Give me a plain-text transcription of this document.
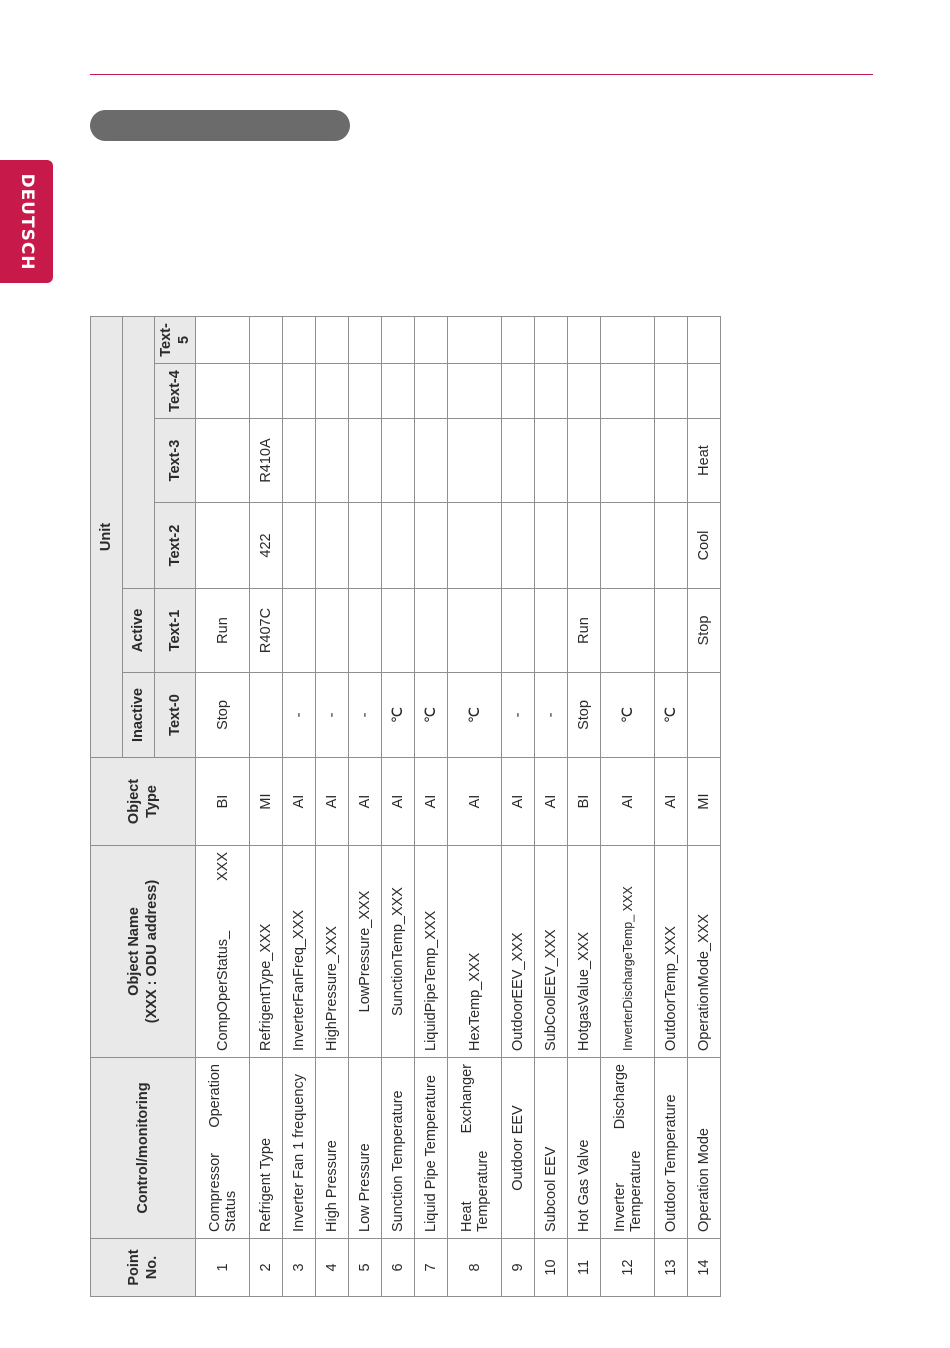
DEUTSCH
Point No.	Control/monitoring	Object Name (XXX : ODU address)	Object Type	Unit					
				Inactive	Active				
				Text-0	Text-1	Text-2	Text-3	Text-4	Text-5
1	Compressor Operation Status	CompOperStatus_ XXX	BI	Stop	Run				
2	Refrigent Type	RefrigentType_XXX	MI		R407C	422	R410A		
3	Inverter Fan 1 frequency	InverterFanFreq_XXX	AI	-					
4	High Pressure	HighPressure_XXX	AI	-					
5	Low Pressure	LowPressure_XXX	AI	-					
6	Sunction Temperature	SunctionTemp_XXX	AI	℃					
7	Liquid Pipe Temperature	LiquidPipeTemp_XXX	AI	℃					
8	Heat Exchanger Temperature	HexTemp_XXX	AI	℃					
9	Outdoor EEV	OutdoorEEV_XXX	AI	-					
10	Subcool EEV	SubCoolEEV_XXX	AI	-					
11	Hot Gas Valve	HotgasValue_XXX	BI	Stop	Run				
12	Inverter Discharge Temperature	InverterDischargeTemp_ XXX	AI	℃					
13	Outdoor Temperature	OutdoorTemp_XXX	AI	℃					
14	Operation Mode	OperationMode_XXX	MI		Stop	Cool	Heat		
